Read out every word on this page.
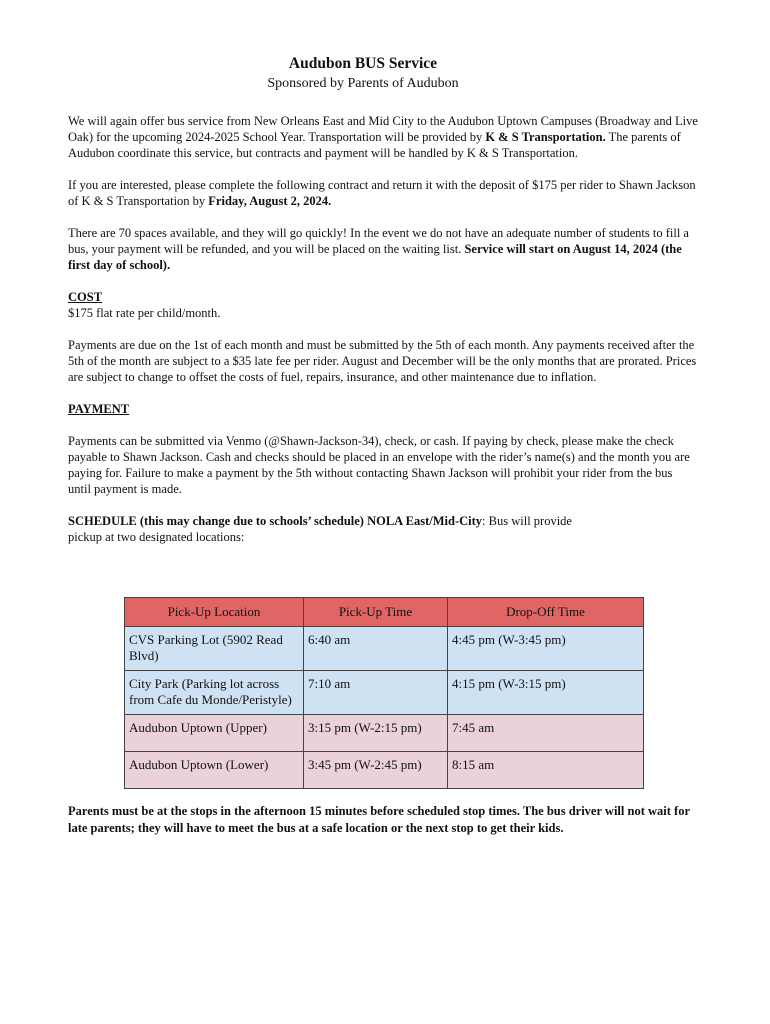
Audubon BUS Service
Sponsored by Parents of Audubon

We will again offer bus service from New Orleans East and Mid City to the Audubon Uptown Campuses (Broadway and Live Oak) for the upcoming 2024-2025 School Year. Transportation will be provided by K & S Transportation. The parents of Audubon coordinate this service, but contracts and payment will be handled by K & S Transportation.

If you are interested, please complete the following contract and return it with the deposit of $175 per rider to Shawn Jackson of K & S Transportation by Friday, August 2, 2024.

There are 70 spaces available, and they will go quickly! In the event we do not have an adequate number of students to fill a bus, your payment will be refunded, and you will be placed on the waiting list. Service will start on August 14, 2024 (the first day of school).

COST

$175 flat rate per child/month.

Payments are due on the 1st of each month and must be submitted by the 5th of each month. Any payments received after the 5th of the month are subject to a $35 late fee per rider. August and December will be the only months that are prorated. Prices are subject to change to offset the costs of fuel, repairs, insurance, and other maintenance due to inflation.

PAYMENT

Payments can be submitted via Venmo (@Shawn-Jackson-34), check, or cash. If paying by check, please make the check payable to Shawn Jackson. Cash and checks should be placed in an envelope with the rider’s name(s) and the month you are paying for. Failure to make a payment by the 5th without contacting Shawn Jackson will prohibit your rider from the bus until payment is made.

SCHEDULE (this may change due to schools’ schedule) NOLA East/Mid-City: Bus will provide
pickup at two designated locations:

Pick-Up Location	Pick-Up Time	Drop-Off Time
CVS Parking Lot (5902 Read Blvd)	6:40 am	4:45 pm (W-3:45 pm)
City Park (Parking lot across from Cafe du Monde/Peristyle)	7:10 am	4:15 pm (W-3:15 pm)
Audubon Uptown (Upper)	3:15 pm (W-2:15 pm)	7:45 am
Audubon Uptown (Lower)	3:45 pm (W-2:45 pm)	8:15 am
Parents must be at the stops in the afternoon 15 minutes before scheduled stop times. The bus driver will not wait for late parents; they will have to meet the bus at a safe location or the next stop to get their kids.
